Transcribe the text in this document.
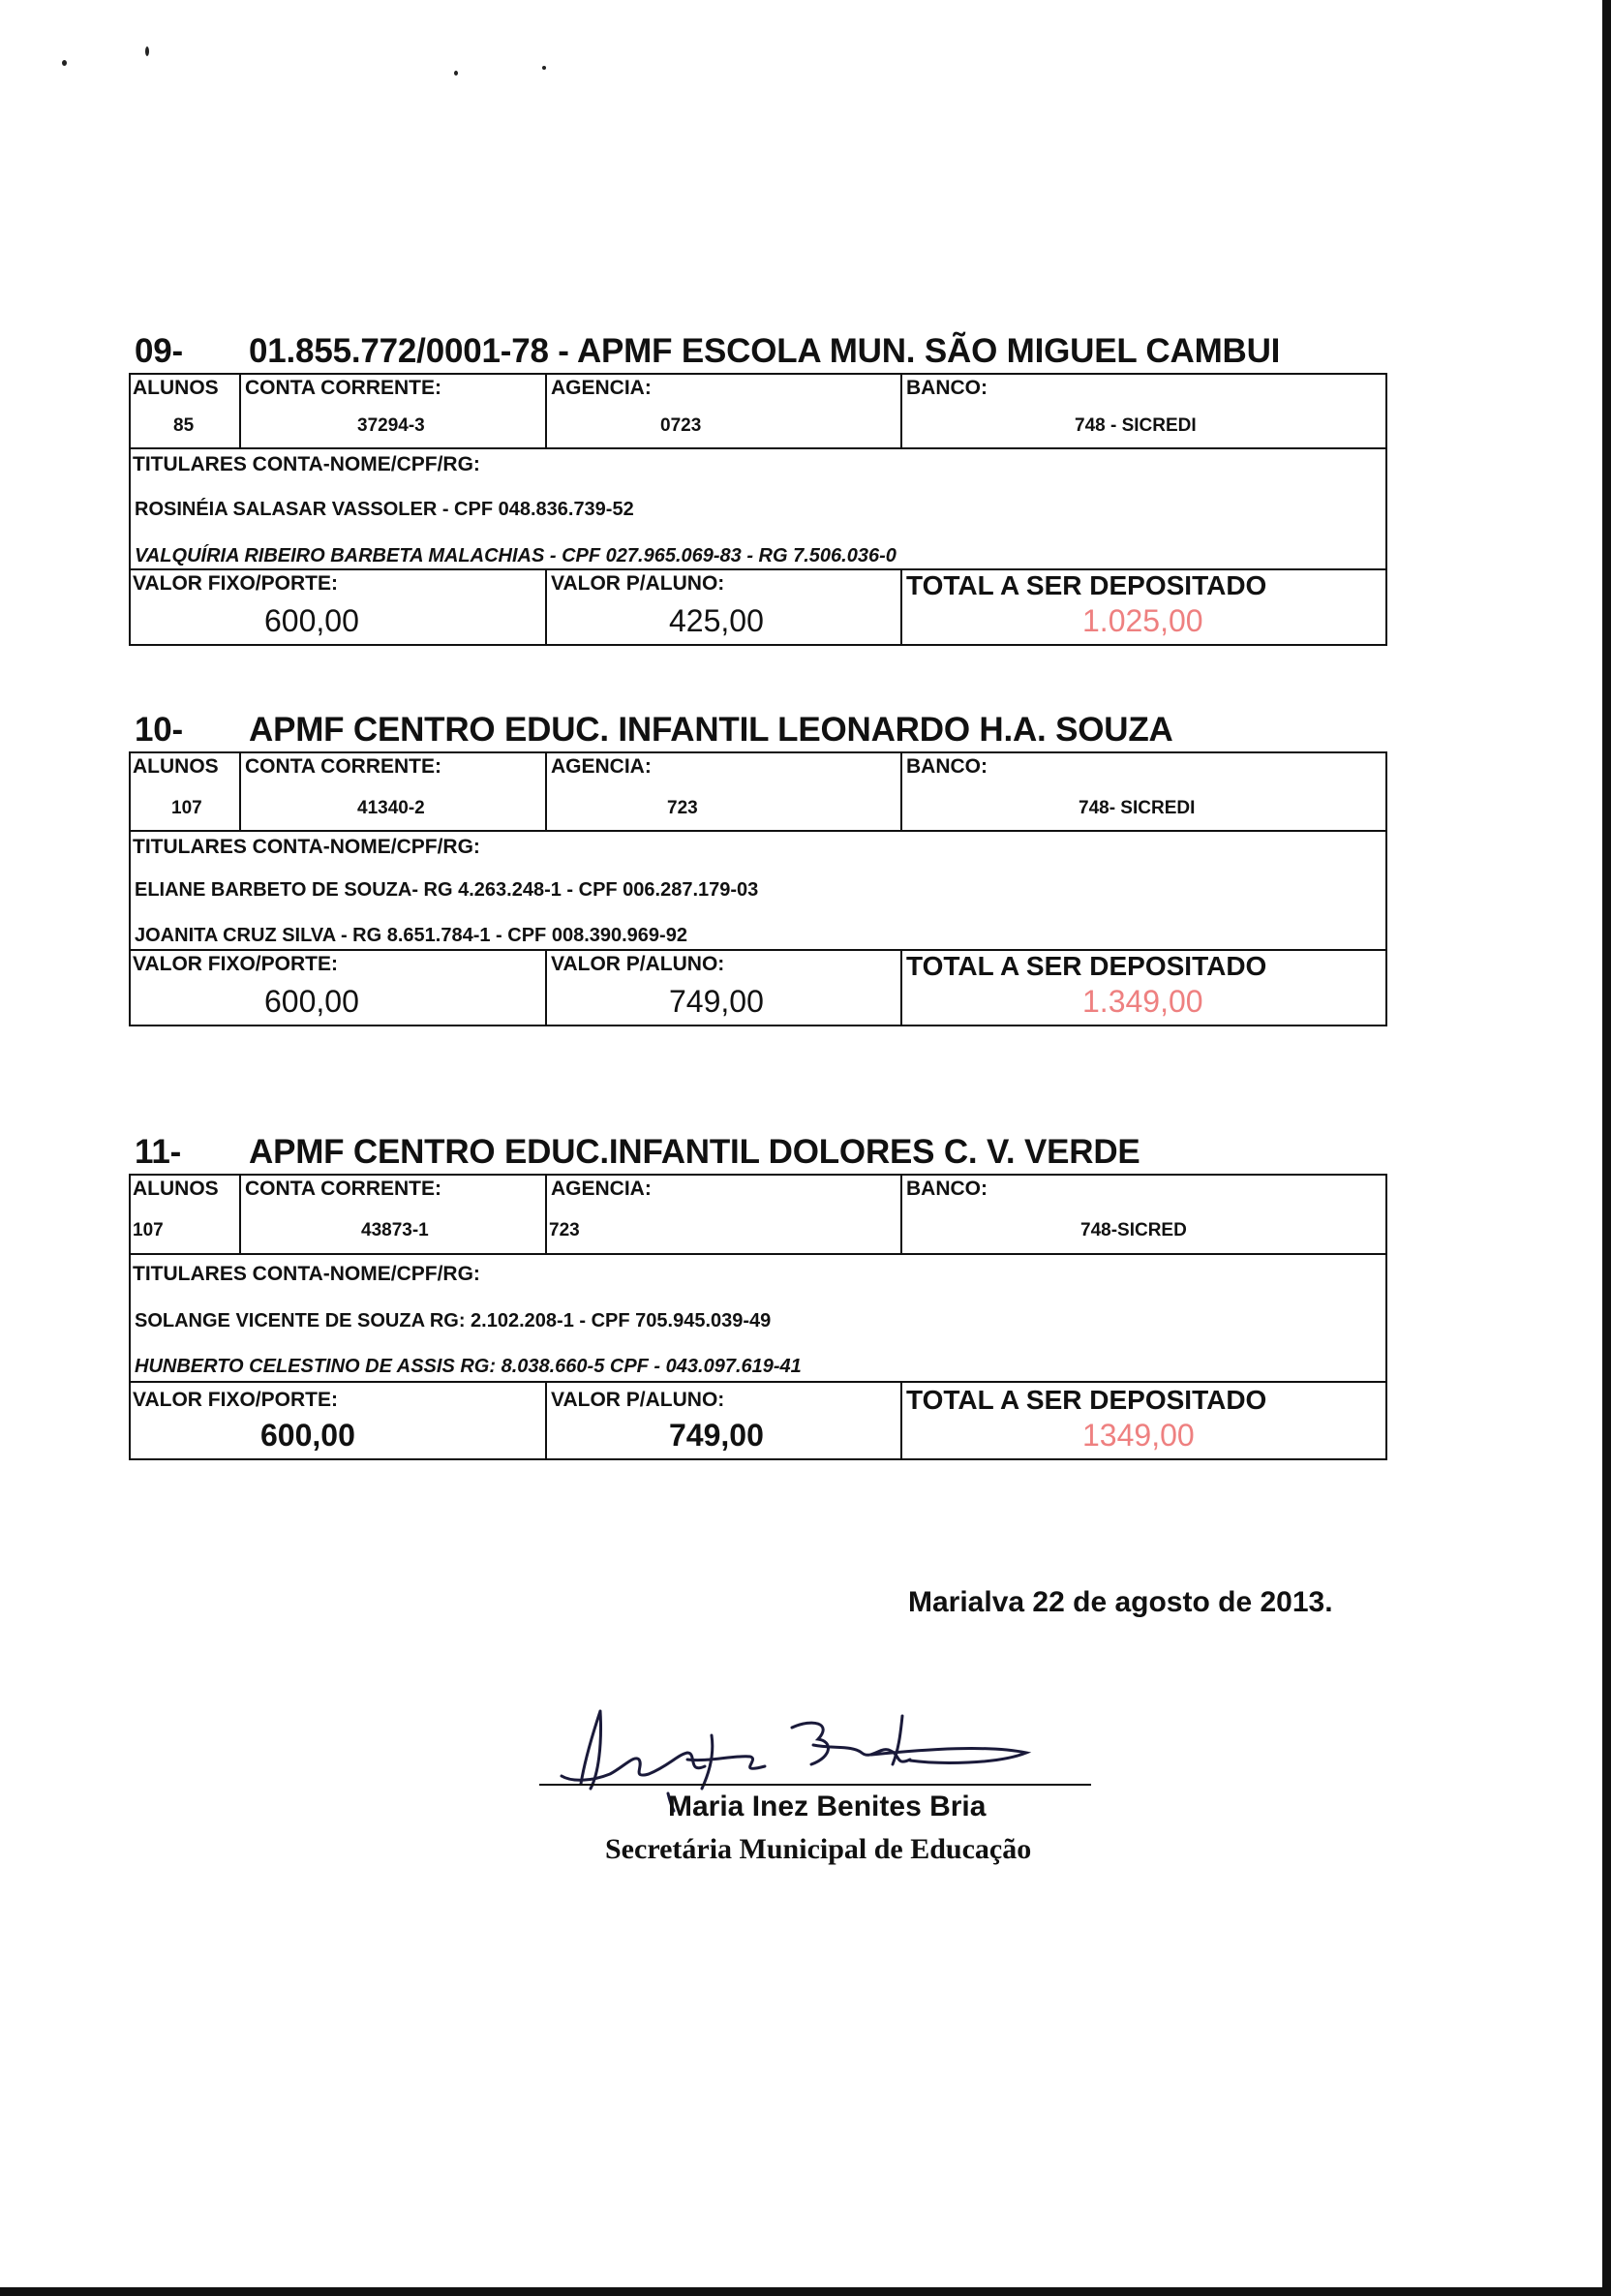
09- 01.855.772/0001-78 - APMF ESCOLA MUN. SÃO MIGUEL CAMBUI
ALUNOS
85
CONTA CORRENTE:
37294-3
AGENCIA:
0723
BANCO:
748 - SICREDI
TITULARES CONTA-NOME/CPF/RG:
ROSINÉIA SALASAR VASSOLER - CPF 048.836.739-52
VALQUÍRIA RIBEIRO BARBETA MALACHIAS - CPF 027.965.069-83 - RG 7.506.036-0
VALOR FIXO/PORTE:
600,00
VALOR P/ALUNO:
425,00
TOTAL A SER DEPOSITADO
1.025,00
10- APMF CENTRO EDUC. INFANTIL LEONARDO H.A. SOUZA
ALUNOS
107
CONTA CORRENTE:
41340-2
AGENCIA:
723
BANCO:
748- SICREDI
TITULARES CONTA-NOME/CPF/RG:
ELIANE BARBETO DE SOUZA- RG 4.263.248-1 - CPF 006.287.179-03
JOANITA CRUZ SILVA - RG 8.651.784-1 - CPF 008.390.969-92
VALOR FIXO/PORTE:
600,00
VALOR P/ALUNO:
749,00
TOTAL A SER DEPOSITADO
1.349,00
11- APMF CENTRO EDUC.INFANTIL DOLORES C. V. VERDE
ALUNOS
107
CONTA CORRENTE:
43873-1
AGENCIA:
723
BANCO:
748-SICRED
TITULARES CONTA-NOME/CPF/RG:
SOLANGE VICENTE DE SOUZA RG: 2.102.208-1 - CPF 705.945.039-49
HUNBERTO CELESTINO DE ASSIS RG: 8.038.660-5 CPF - 043.097.619-41
VALOR FIXO/PORTE:
600,00
VALOR P/ALUNO:
749,00
TOTAL A SER DEPOSITADO
1349,00
Marialva 22 de agosto de 2013.
Maria Inez Benites Bria
Secretária Municipal de Educação
